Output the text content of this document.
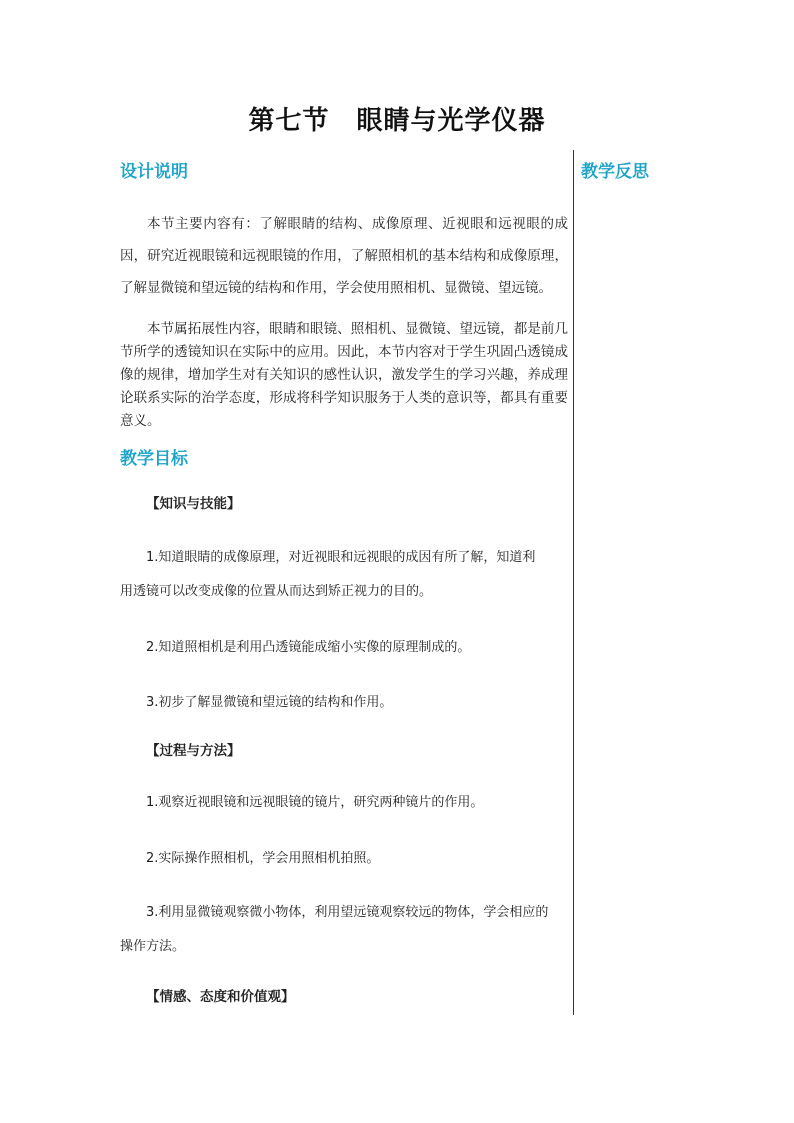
第七节　眼睛与光学仪器
设计说明

本节主要内容有：了解眼睛的结构、成像原理、近视眼和远视眼的成因，研究近视眼镜和远视眼镜的作用，了解照相机的基本结构和成像原理，了解显微镜和望远镜的结构和作用，学会使用照相机、显微镜、望远镜。

本节属拓展性内容，眼睛和眼镜、照相机、显微镜、望远镜，都是前几节所学的透镜知识在实际中的应用。因此，本节内容对于学生巩固凸透镜成像的规律，增加学生对有关知识的感性认识，激发学生的学习兴趣，养成理论联系实际的治学态度，形成将科学知识服务于人类的意识等，都具有重要意义。

教学目标

【知识与技能】

1.知道眼睛的成像原理，对近视眼和远视眼的成因有所了解，知道利
用透镜可以改变成像的位置从而达到矫正视力的目的。

2.知道照相机是利用凸透镜能成缩小实像的原理制成的。

3.初步了解显微镜和望远镜的结构和作用。

【过程与方法】

1.观察近视眼镜和远视眼镜的镜片，研究两种镜片的作用。

2.实际操作照相机，学会用照相机拍照。

3.利用显微镜观察微小物体，利用望远镜观察较远的物体，学会相应的
操作方法。

【情感、态度和价值观】

教学反思
